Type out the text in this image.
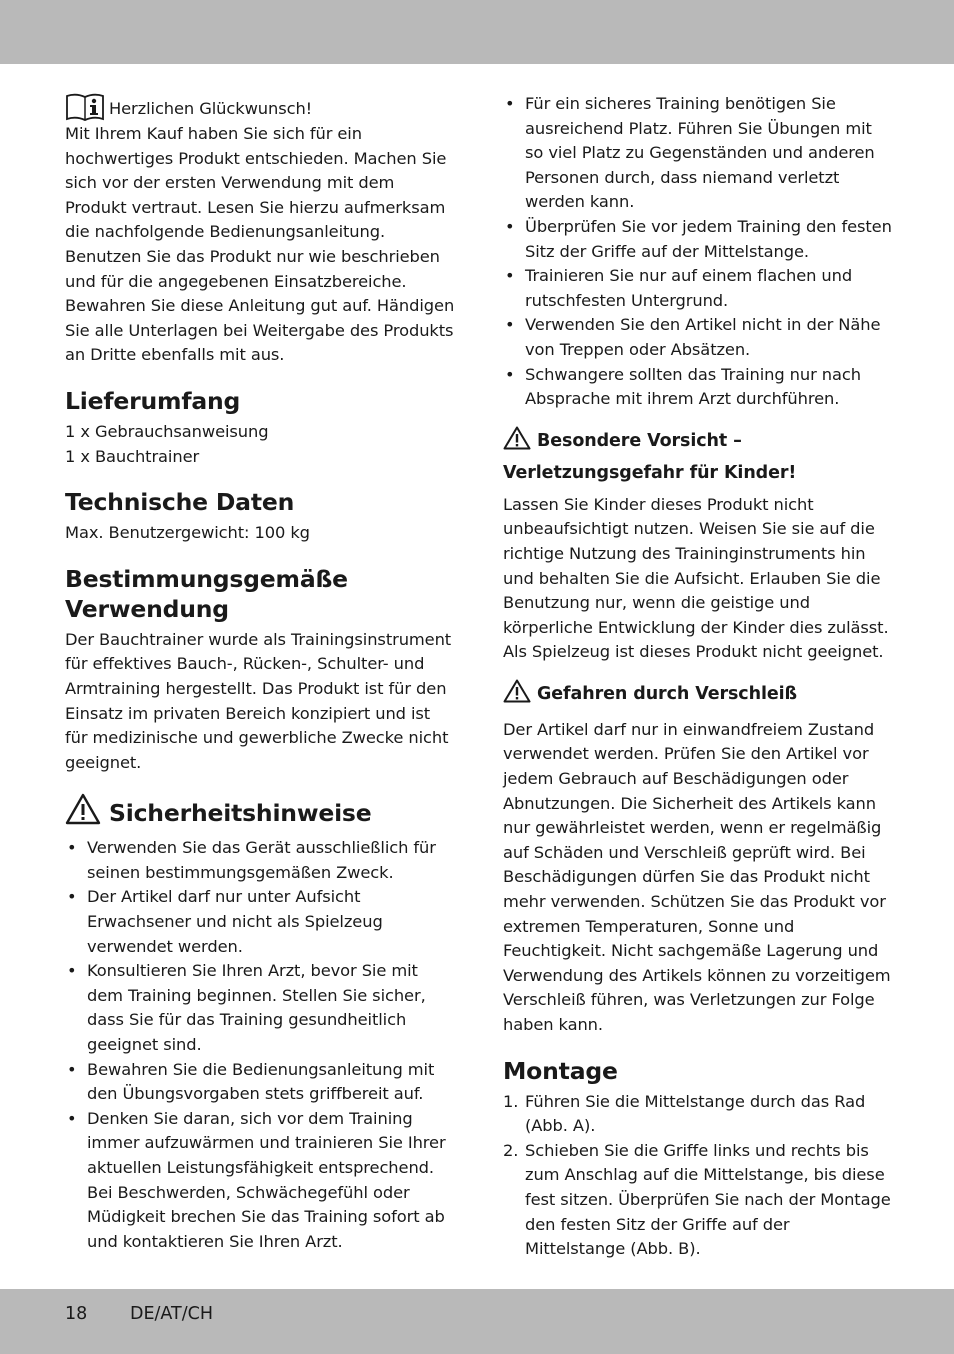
Herzlichen Glückwunsch!

Mit Ihrem Kauf haben Sie sich für ein hochwertiges Produkt entschieden. Machen Sie sich vor der ersten Verwendung mit dem Produkt vertraut. Lesen Sie hierzu aufmerksam die nachfolgende Bedienungsanleitung. Benutzen Sie das Produkt nur wie beschrieben und für die angegebenen Einsatzbereiche. Bewahren Sie diese Anleitung gut auf. Händigen Sie alle Unterlagen bei Weitergabe des Produkts an Dritte ebenfalls mit aus.

Lieferumfang

1 x Gebrauchsanweisung

1 x Bauchtrainer

Technische Daten

Max. Benutzergewicht: 100 kg

Bestimmungsgemäße Verwendung

Der Bauchtrainer wurde als Trainingsinstrument für effektives Bauch-, Rücken-, Schulter- und Armtraining hergestellt. Das Produkt ist für den Einsatz im privaten Bereich konzipiert und ist für medizinische und gewerbliche Zwecke nicht geeignet.

Sicherheitshinweise
• Verwenden Sie das Gerät ausschließlich für seinen bestimmungsgemäßen Zweck.
• Der Artikel darf nur unter Aufsicht Erwachsener und nicht als Spielzeug verwendet werden.
• Konsultieren Sie Ihren Arzt, bevor Sie mit dem Training beginnen. Stellen Sie sicher, dass Sie für das Training gesundheitlich geeignet sind.
• Bewahren Sie die Bedienungsanleitung mit den Übungsvorgaben stets griffbereit auf.
• Denken Sie daran, sich vor dem Training immer aufzuwärmen und trainieren Sie Ihrer aktuellen Leistungsfähigkeit entsprechend. Bei Beschwerden, Schwächegefühl oder Müdigkeit brechen Sie das Training sofort ab und kontaktieren Sie Ihren Arzt.
• Für ein sicheres Training benötigen Sie ausreichend Platz. Führen Sie Übungen mit so viel Platz zu Gegenständen und anderen Personen durch, dass niemand verletzt werden kann.
• Überprüfen Sie vor jedem Training den festen Sitz der Griffe auf der Mittelstange.
• Trainieren Sie nur auf einem flachen und rutschfesten Untergrund.
• Verwenden Sie den Artikel nicht in der Nähe von Treppen oder Absätzen.
• Schwangere sollten das Training nur nach Absprache mit ihrem Arzt durchführen.
Besondere Vorsicht – Verletzungsgefahr für Kinder!

Lassen Sie Kinder dieses Produkt nicht unbeaufsichtigt nutzen. Weisen Sie sie auf die richtige Nutzung des Traininginstruments hin und behalten Sie die Aufsicht. Erlauben Sie die Benutzung nur, wenn die geistige und körperliche Entwicklung der Kinder dies zulässt. Als Spielzeug ist dieses Produkt nicht geeignet.

Gefahren durch Verschleiß

Der Artikel darf nur in einwandfreiem Zustand verwendet werden. Prüfen Sie den Artikel vor jedem Gebrauch auf Beschädigungen oder Abnutzungen. Die Sicherheit des Artikels kann nur gewährleistet werden, wenn er regelmäßig auf Schäden und Verschleiß geprüft wird. Bei Beschädigungen dürfen Sie das Produkt nicht mehr verwenden. Schützen Sie das Produkt vor extremen Temperaturen, Sonne und Feuchtigkeit. Nicht sachgemäße Lagerung und Verwendung des Artikels können zu vorzeitigem Verschleiß führen, was Verletzungen zur Folge haben kann.

Montage
1. Führen Sie die Mittelstange durch das Rad (Abb. A).
2. Schieben Sie die Griffe links und rechts bis zum Anschlag auf die Mittelstange, bis diese fest sitzen. Überprüfen Sie nach der Montage den festen Sitz der Griffe auf der Mittelstange (Abb. B).
18 DE/AT/CH
